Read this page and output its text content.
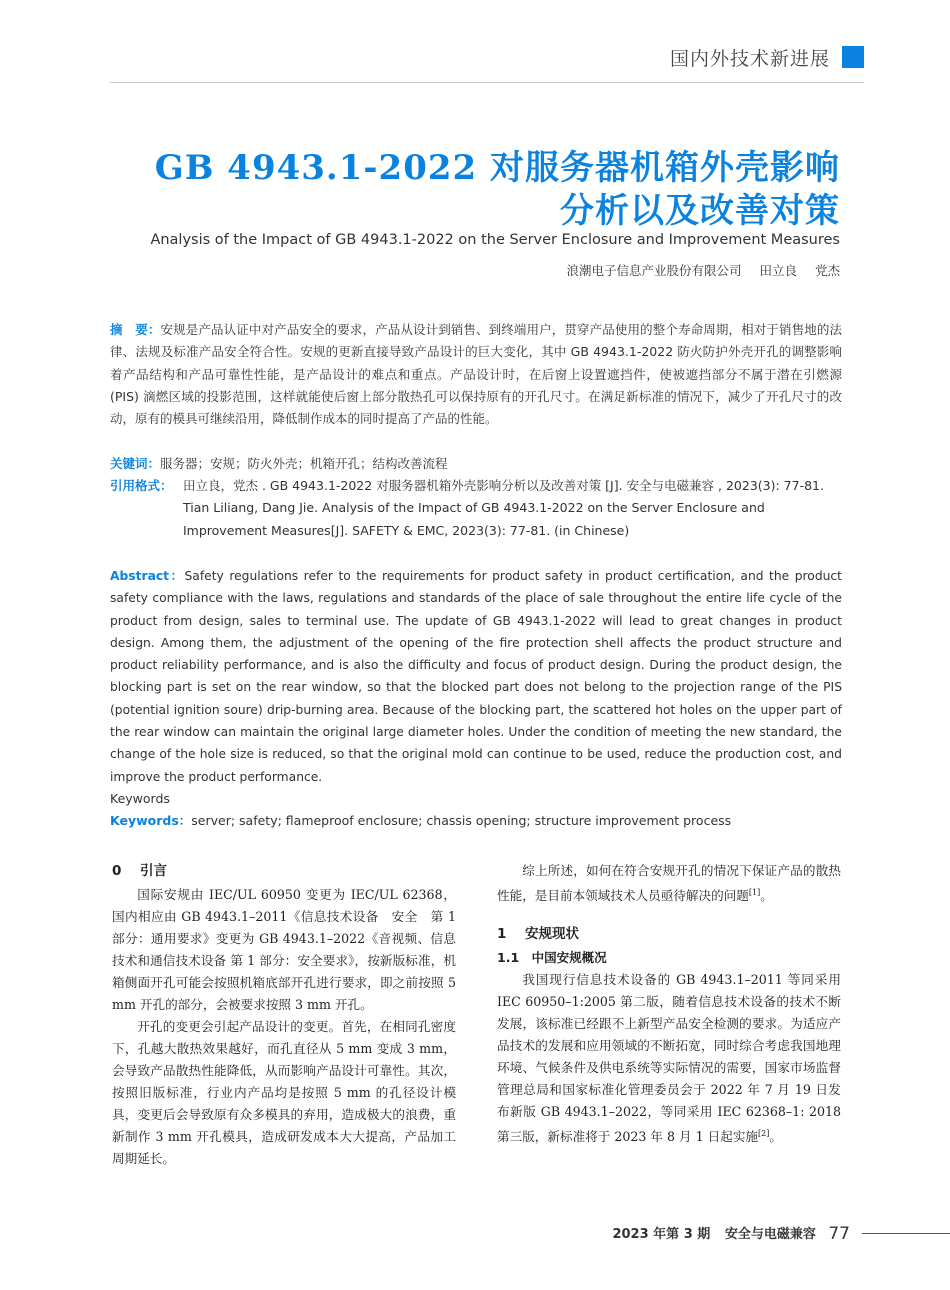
国内外技术新进展
GB 4943.1-2022 对服务器机箱外壳影响
分析以及改善对策
Analysis of the Impact of GB 4943.1-2022 on the Server Enclosure and Improvement Measures
浪潮电子信息产业股份有限公司 田立良 党杰
摘　要：安规是产品认证中对产品安全的要求，产品从设计到销售、到终端用户，贯穿产品使用的整个寿命周期，相对于销售地的法律、法规及标准产品安全符合性。安规的更新直接导致产品设计的巨大变化，其中 GB 4943.1-2022 防火防护外壳开孔的调整影响着产品结构和产品可靠性性能，是产品设计的难点和重点。产品设计时，在后窗上设置遮挡件，使被遮挡部分不属于潜在引燃源 (PIS) 滴燃区域的投影范围，这样就能使后窗上部分散热孔可以保持原有的开孔尺寸。在满足新标准的情况下，减少了开孔尺寸的改动，原有的模具可继续沿用，降低制作成本的同时提高了产品的性能。
关键词：服务器；安规；防火外壳；机箱开孔；结构改善流程
引用格式： 田立良，党杰 . GB 4943.1-2022 对服务器机箱外壳影响分析以及改善对策 [J]. 安全与电磁兼容 , 2023(3): 77-81.
Tian Liliang, Dang Jie. Analysis of the Impact of GB 4943.1-2022 on the Server Enclosure and Improvement Measures[J]. SAFETY & EMC, 2023(3): 77-81. (in Chinese)
Abstract：Safety regulations refer to the requirements for product safety in product certification, and the product safety compliance with the laws, regulations and standards of the place of sale throughout the entire life cycle of the product from design, sales to terminal use. The update of GB 4943.1-2022 will lead to great changes in product design. Among them, the adjustment of the opening of the fire protection shell affects the product structure and product reliability performance, and is also the difficulty and focus of product design. During the product design, the blocking part is set on the rear window, so that the blocked part does not belong to the projection range of the PIS (potential ignition soure) drip-burning area. Because of the blocking part, the scattered hot holes on the upper part of the rear window can maintain the original large diameter holes. Under the condition of meeting the new standard, the change of the hole size is reduced, so that the original mold can continue to be used, reduce the production cost, and improve the product performance.
Keywords
Keywords：server; safety; flameproof enclosure; chassis opening; structure improvement process

0 引言

国际安规由 IEC/UL 60950 变更为 IEC/UL 62368，国内相应由 GB 4943.1–2011《信息技术设备　安全　第 1 部分：通用要求》变更为 GB 4943.1–2022《音视频、信息技术和通信技术设备 第 1 部分：安全要求》，按新版标准，机箱侧面开孔可能会按照机箱底部开孔进行要求，即之前按照 5 mm 开孔的部分，会被要求按照 3 mm 开孔。

开孔的变更会引起产品设计的变更。首先，在相同孔密度下，孔越大散热效果越好，而孔直径从 5 mm 变成 3 mm，会导致产品散热性能降低，从而影响产品设计可靠性。其次，按照旧版标准，行业内产品均是按照 5 mm 的孔径设计模具，变更后会导致原有众多模具的弃用，造成极大的浪费，重新制作 3 mm 开孔模具，造成研发成本大大提高，产品加工周期延长。

综上所述，如何在符合安规开孔的情况下保证产品的散热性能，是目前本领域技术人员亟待解决的问题[1]。

1 安规现状

1.1　中国安规概况

我国现行信息技术设备的 GB 4943.1–2011 等同采用 IEC 60950–1:2005 第二版，随着信息技术设备的技术不断发展，该标准已经跟不上新型产品安全检测的要求。为适应产品技术的发展和应用领域的不断拓宽，同时综合考虑我国地理环境、气候条件及供电系统等实际情况的需要，国家市场监督管理总局和国家标准化管理委员会于 2022 年 7 月 19 日发布新版 GB 4943.1–2022，等同采用 IEC 62368–1: 2018 第三版，新标准将于 2023 年 8 月 1 日起实施[2]。

2023 年第 3 期 安全与电磁兼容 77
